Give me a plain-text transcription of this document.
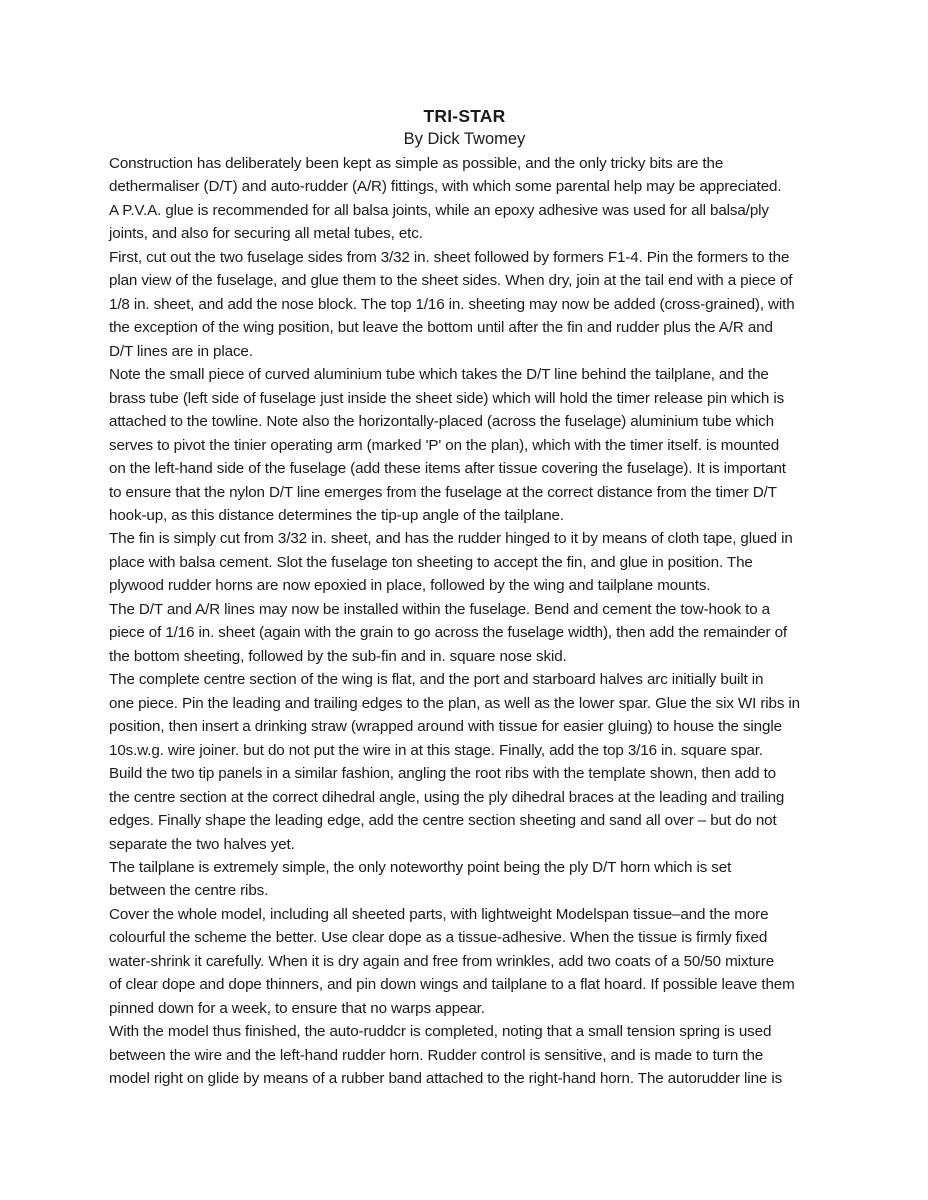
TRI-STAR
By Dick Twomey
Construction has deliberately been kept as simple as possible, and the only tricky bits are the
dethermaliser (D/T) and auto-rudder (A/R) fittings, with which some parental help may be appreciated.
A P.V.A. glue is recommended for all balsa joints, while an epoxy adhesive was used for all balsa/ply
joints, and also for securing all metal tubes, etc.
First, cut out the two fuselage sides from 3/32 in. sheet followed by formers F1-4. Pin the formers to the
plan view of the fuselage, and glue them to the sheet sides. When dry, join at the tail end with a piece of
1/8 in. sheet, and add the nose block. The top 1/16 in. sheeting may now be added (cross-grained), with
the exception of the wing position, but leave the bottom until after the fin and rudder plus the A/R and
D/T lines are in place.
Note the small piece of curved aluminium tube which takes the D/T line behind the tailplane, and the
brass tube (left side of fuselage just inside the sheet side) which will hold the timer release pin which is
attached to the towline. Note also the horizontally-placed (across the fuselage) aluminium tube which
serves to pivot the tinier operating arm (marked 'P' on the plan), which with the timer itself. is mounted
on the left-hand side of the fuselage (add these items after tissue covering the fuselage). It is important
to ensure that the nylon D/T line emerges from the fuselage at the correct distance from the timer D/T
hook-up, as this distance determines the tip-up angle of the tailplane.
The fin is simply cut from 3/32 in. sheet, and has the rudder hinged to it by means of cloth tape, glued in
place with balsa cement. Slot the fuselage ton sheeting to accept the fin, and glue in position. The
plywood rudder horns are now epoxied in place, followed by the wing and tailplane mounts.
The D/T and A/R lines may now be installed within the fuselage. Bend and cement the tow-hook to a
piece of 1/16 in. sheet (again with the grain to go across the fuselage width), then add the remainder of
the bottom sheeting, followed by the sub-fin and in. square nose skid.
The complete centre section of the wing is flat, and the port and starboard halves arc initially built in
one piece. Pin the leading and trailing edges to the plan, as well as the lower spar. Glue the six WI ribs in
position, then insert a drinking straw (wrapped around with tissue for easier gluing) to house the single
10s.w.g. wire joiner. but do not put the wire in at this stage. Finally, add the top 3/16 in. square spar.
Build the two tip panels in a similar fashion, angling the root ribs with the template shown, then add to
the centre section at the correct dihedral angle, using the ply dihedral braces at the leading and trailing
edges. Finally shape the leading edge, add the centre section sheeting and sand all over – but do not
separate the two halves yet.
The tailplane is extremely simple, the only noteworthy point being the ply D/T horn which is set
between the centre ribs.
Cover the whole model, including all sheeted parts, with lightweight Modelspan tissue–and the more
colourful the scheme the better. Use clear dope as a tissue-adhesive. When the tissue is firmly fixed
water-shrink it carefully. When it is dry again and free from wrinkles, add two coats of a 50/50 mixture
of clear dope and dope thinners, and pin down wings and tailplane to a flat hoard. If possible leave them
pinned down for a week, to ensure that no warps appear.
With the model thus finished, the auto-ruddcr is completed, noting that a small tension spring is used
between the wire and the left-hand rudder horn. Rudder control is sensitive, and is made to turn the
model right on glide by means of a rubber band attached to the right-hand horn. The autorudder line is
